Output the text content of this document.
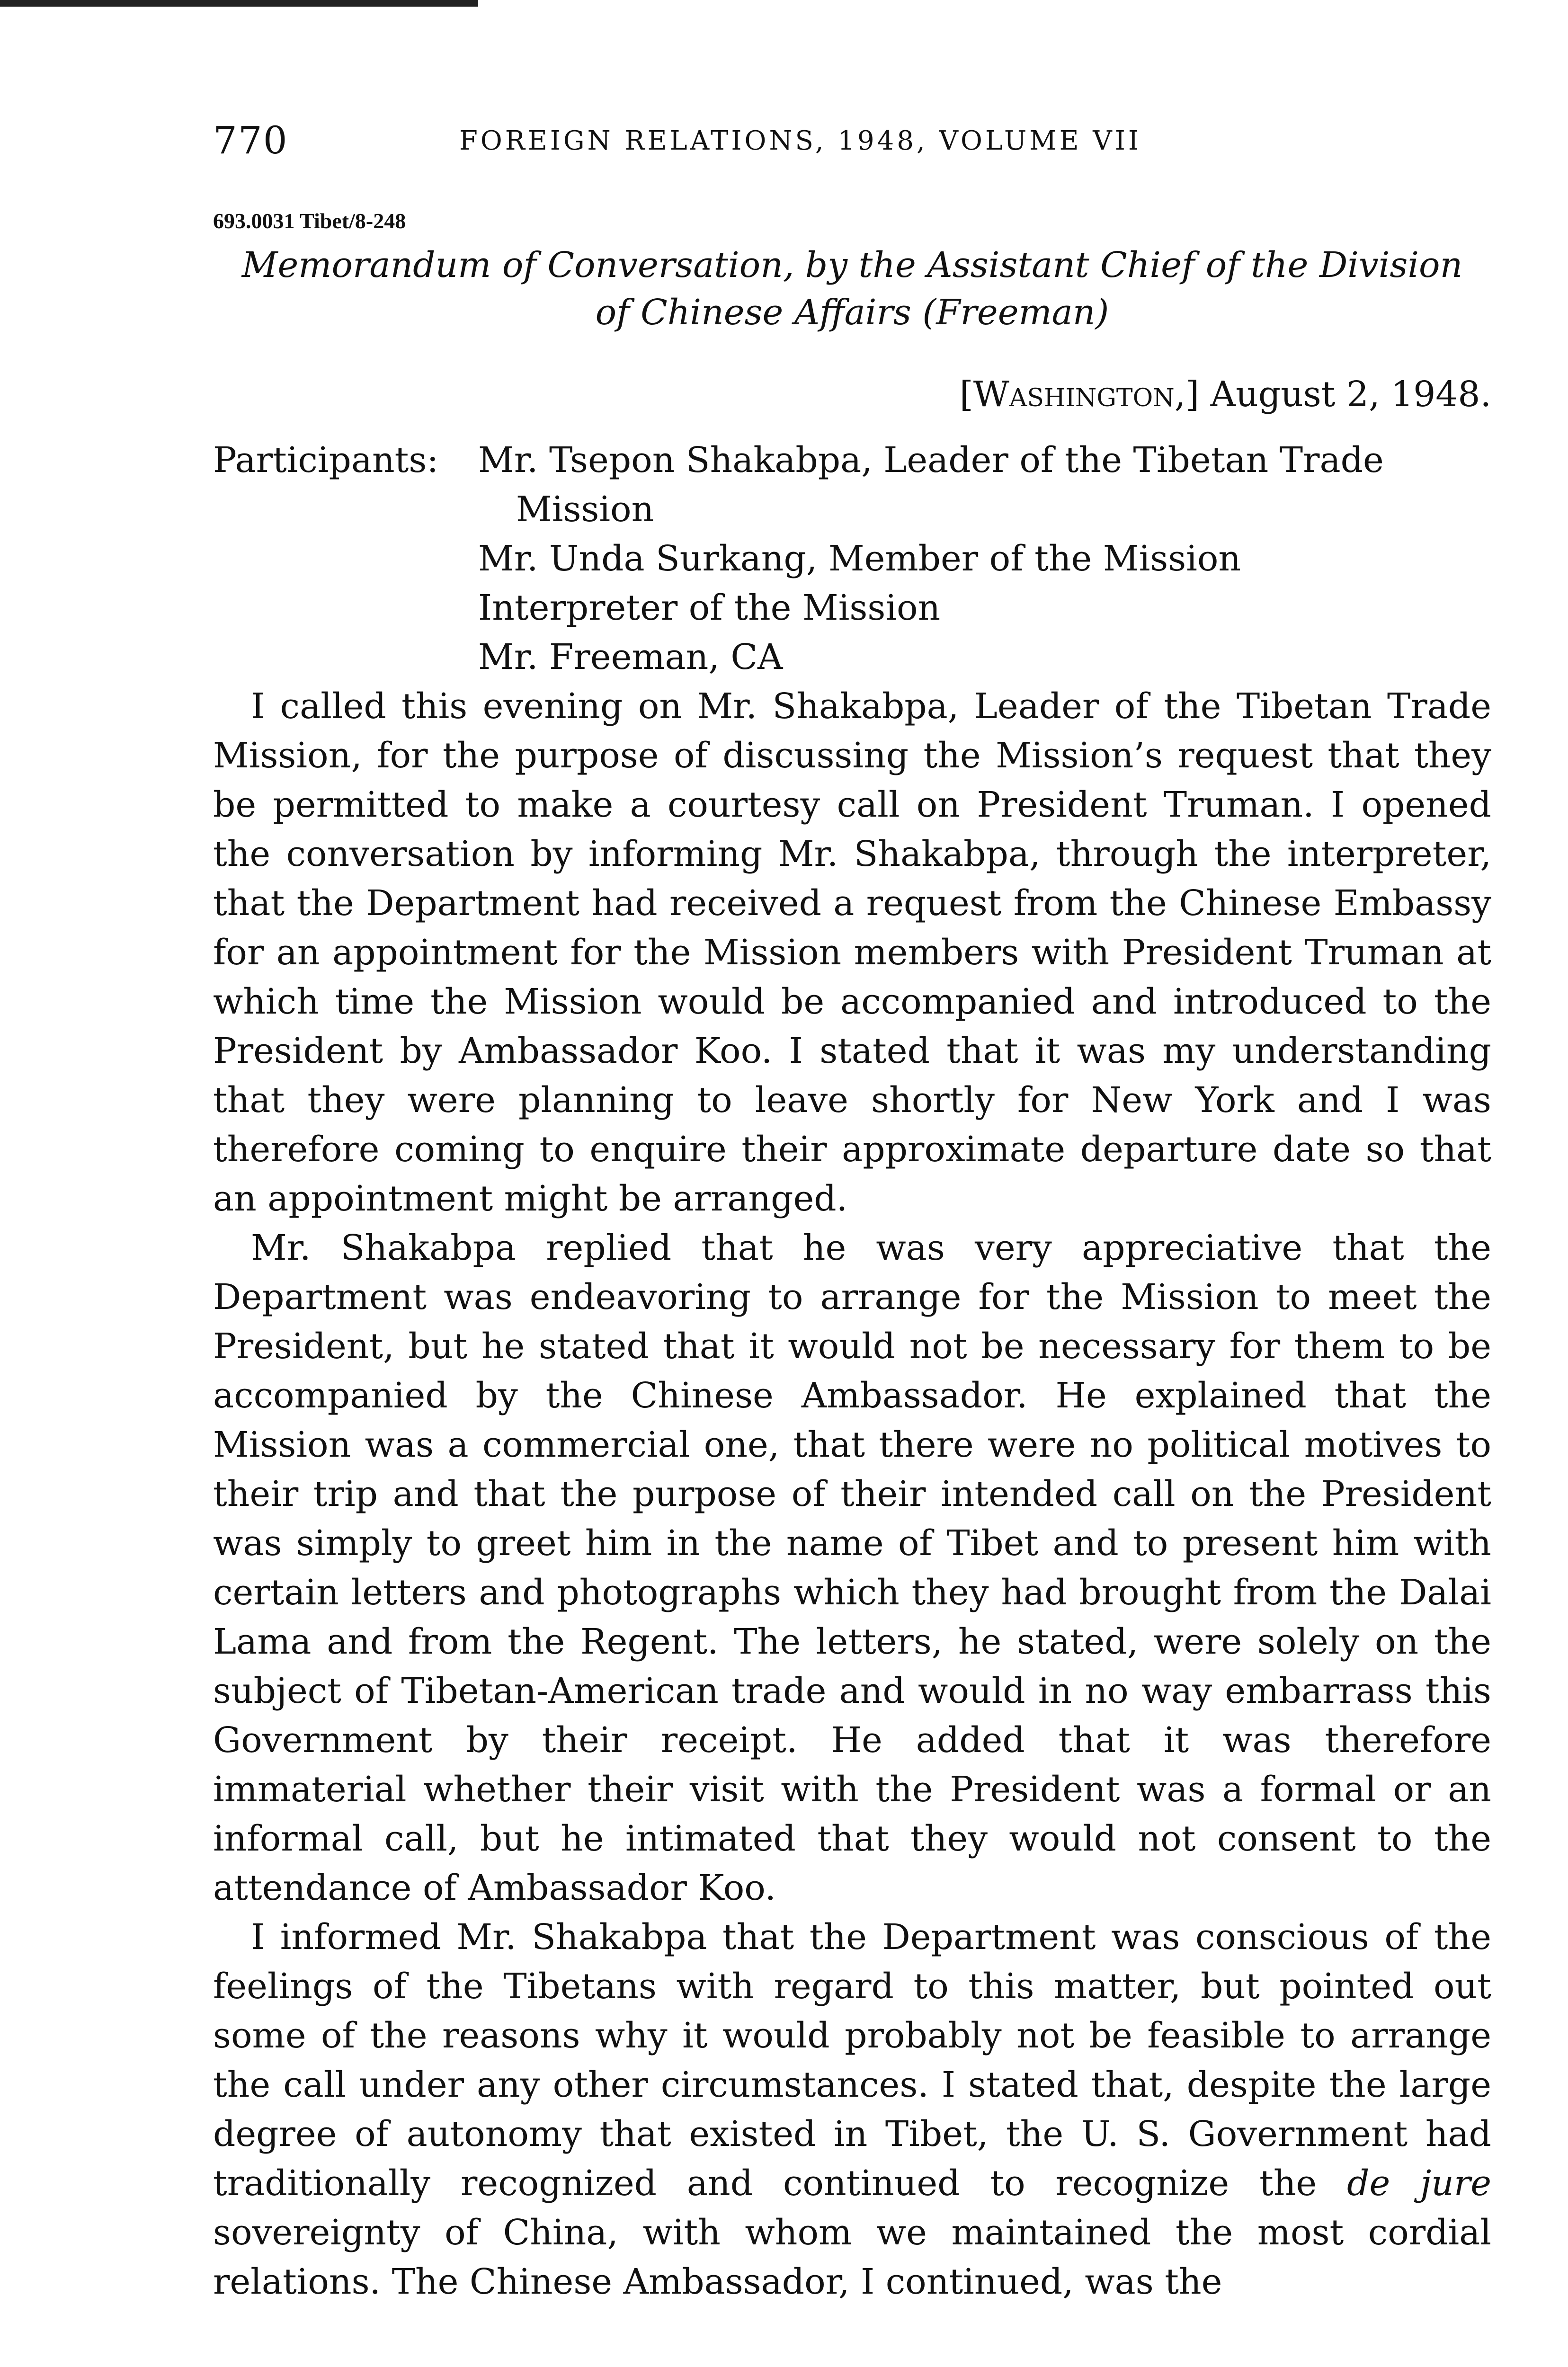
770	FOREIGN RELATIONS, 1948, VOLUME VII
693.0031 Tibet/8-248
Memorandum of Conversation, by the Assistant Chief of the Division
of Chinese Affairs (Freeman)
[Washington,] August 2, 1948.
Participants: Mr. Tsepon Shakabpa, Leader of the Tibetan Trade Mission
Mr. Unda Surkang, Member of the Mission
Interpreter of the Mission
Mr. Freeman, CA

I called this evening on Mr. Shakabpa, Leader of the Tibetan Trade Mission, for the purpose of discussing the Mission’s request that they be permitted to make a courtesy call on President Truman. I opened the conversation by informing Mr. Shakabpa, through the interpreter, that the Department had received a request from the Chinese Embassy for an appointment for the Mission members with President Truman at which time the Mission would be accompanied and introduced to the President by Ambassador Koo. I stated that it was my understanding that they were planning to leave shortly for New York and I was therefore coming to enquire their approximate departure date so that an appointment might be arranged.

Mr. Shakabpa replied that he was very appreciative that the Department was endeavoring to arrange for the Mission to meet the President, but he stated that it would not be necessary for them to be accompanied by the Chinese Ambassador. He explained that the Mission was a commercial one, that there were no political motives to their trip and that the purpose of their intended call on the President was simply to greet him in the name of Tibet and to present him with certain letters and photographs which they had brought from the Dalai Lama and from the Regent. The letters, he stated, were solely on the subject of Tibetan-American trade and would in no way embarrass this Government by their receipt. He added that it was therefore immaterial whether their visit with the President was a formal or an informal call, but he intimated that they would not consent to the attendance of Ambassador Koo.

I informed Mr. Shakabpa that the Department was conscious of the feelings of the Tibetans with regard to this matter, but pointed out some of the reasons why it would probably not be feasible to arrange the call under any other circumstances. I stated that, despite the large degree of autonomy that existed in Tibet, the U. S. Government had traditionally recognized and continued to recognize the de jure sovereignty of China, with whom we maintained the most cordial relations. The Chinese Ambassador, I continued, was the
